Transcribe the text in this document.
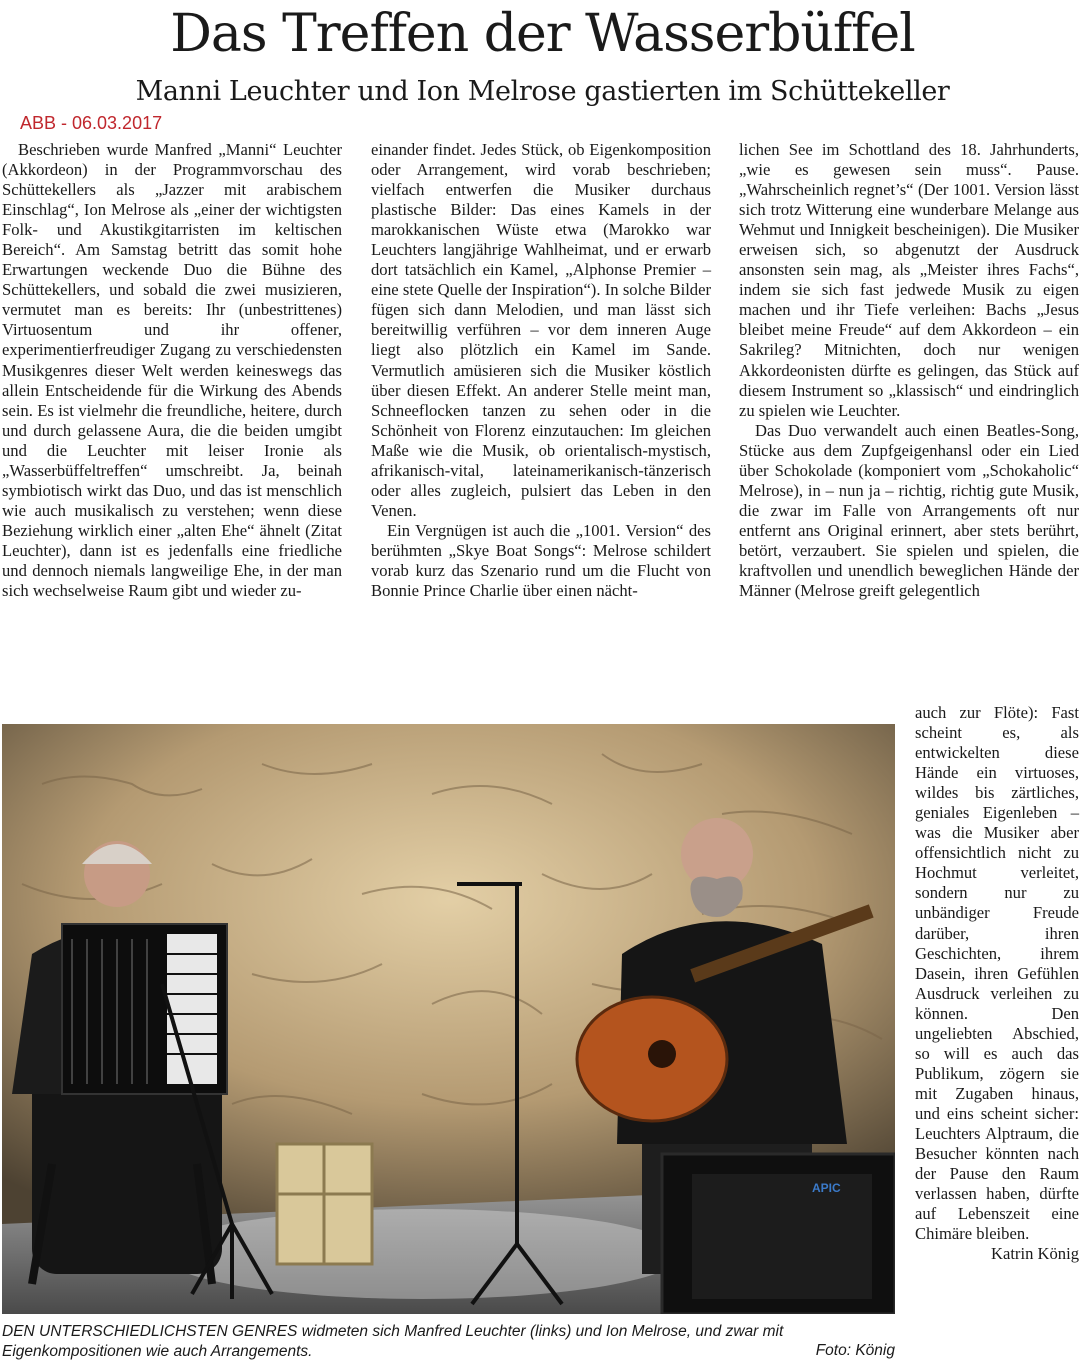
Das Treffen der Wasserbüffel
Manni Leuchter und Ion Melrose gastierten im Schüttekeller
ABB - 06.03.2017

Beschrieben wurde Manfred „Manni“ Leuchter (Akkordeon) in der Programmvorschau des Schüttekellers als „Jazzer mit arabischem Einschlag“, Ion Melrose als „einer der wichtigsten Folk- und Akustikgitarristen im keltischen Bereich“. Am Samstag betritt das somit hohe Erwartungen weckende Duo die Bühne des Schüttekellers, und sobald die zwei musizieren, vermutet man es bereits: Ihr (unbestrittenes) Virtuosentum und ihr offener, experimentierfreudiger Zugang zu verschiedensten Musikgenres dieser Welt werden keineswegs das allein Entscheidende für die Wirkung des Abends sein. Es ist vielmehr die freundliche, heitere, durch und durch gelassene Aura, die die beiden umgibt und die Leuchter mit leiser Ironie als „Wasserbüffeltreffen“ umschreibt. Ja, beinah symbiotisch wirkt das Duo, und das ist menschlich wie auch musikalisch zu verstehen; wenn diese Beziehung wirklich einer „alten Ehe“ ähnelt (Zitat Leuchter), dann ist es jedenfalls eine friedliche und dennoch niemals langweilige Ehe, in der man sich wechselweise Raum gibt und wieder zu-

einander findet. Jedes Stück, ob Eigenkomposition oder Arrangement, wird vorab beschrieben; vielfach entwerfen die Musiker durchaus plastische Bilder: Das eines Kamels in der marokkanischen Wüste etwa (Marokko war Leuchters langjährige Wahlheimat, und er erwarb dort tatsächlich ein Kamel, „Alphonse Premier – eine stete Quelle der Inspiration“). In solche Bilder fügen sich dann Melodien, und man lässt sich bereitwillig verführen – vor dem inneren Auge liegt also plötzlich ein Kamel im Sande. Vermutlich amüsieren sich die Musiker köstlich über diesen Effekt. An anderer Stelle meint man, Schneeflocken tanzen zu sehen oder in die Schönheit von Florenz einzutauchen: Im gleichen Maße wie die Musik, ob orientalisch-mystisch, afrikanisch-vital, lateinamerikanisch-tänzerisch oder alles zugleich, pulsiert das Leben in den Venen.

Ein Vergnügen ist auch die „1001. Version“ des berühmten „Skye Boat Songs“: Melrose schildert vorab kurz das Szenario rund um die Flucht von Bonnie Prince Charlie über einen nächt-

lichen See im Schottland des 18. Jahrhunderts, „wie es gewesen sein muss“. Pause. „Wahrscheinlich regnet’s“ (Der 1001. Version lässt sich trotz Witterung eine wunderbare Melange aus Wehmut und Innigkeit bescheinigen). Die Musiker erweisen sich, so abgenutzt der Ausdruck ansonsten sein mag, als „Meister ihres Fachs“, indem sie sich fast jedwede Musik zu eigen machen und ihr Tiefe verleihen: Bachs „Jesus bleibet meine Freude“ auf dem Akkordeon – ein Sakrileg? Mitnichten, doch nur wenigen Akkordeonisten dürfte es gelingen, das Stück auf diesem Instrument so „klassisch“ und eindringlich zu spielen wie Leuchter.

Das Duo verwandelt auch einen Beatles-Song, Stücke aus dem Zupfgeigenhansl oder ein Lied über Schokolade (komponiert vom „Schokaholic“ Melrose), in – nun ja – richtig, richtig gute Musik, die zwar im Falle von Arrangements oft nur entfernt ans Original erinnert, aber stets berührt, betört, verzaubert. Sie spielen und spielen, die kraftvollen und unendlich beweglichen Hände der Männer (Melrose greift gelegentlich

auch zur Flöte): Fast scheint es, als entwickelten diese Hände ein virtuoses, wildes bis zärtliches, geniales Eigenleben – was die Musiker aber offensichtlich nicht zu Hochmut verleitet, sondern nur zu unbändiger Freude darüber, ihren Geschichten, ihrem Dasein, ihren Gefühlen Ausdruck verleihen zu können. Den ungeliebten Abschied, so will es auch das Publikum, zögern sie mit Zugaben hinaus, und eins scheint sicher: Leuchters Alptraum, die Besucher könnten nach der Pause den Raum verlassen haben, dürfte auf Lebenszeit eine Chimäre bleiben.

Katrin König

APIC
DEN UNTERSCHIEDLICHSTEN GENRES widmeten sich Manfred Leuchter (links) und Ion Melrose, und zwar mit Eigenkompositionen wie auch Arrangements.	Foto: König
